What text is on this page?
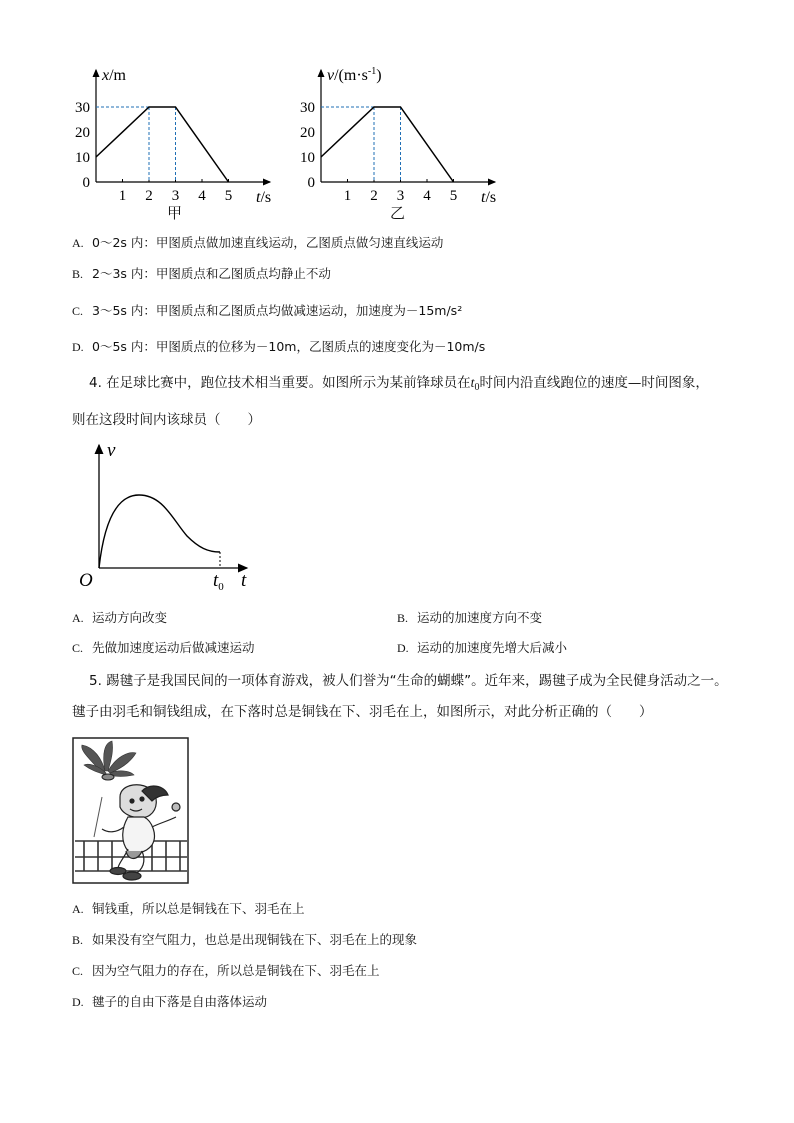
x/m
t/s
0
10
20
30
1 2 3 4 5
甲
$v/(m\cdot s^{-1})$
t/s
0
10
20
30
1 2 3 4 5
乙
A. 0～2s 内：甲图质点做加速直线运动，乙图质点做匀速直线运动
B. 2～3s 内：甲图质点和乙图质点均静止不动
C. 3～5s 内：甲图质点和乙图质点均做减速运动，加速度为－15m/s²
D. 0～5s 内：甲图质点的位移为－10m，乙图质点的速度变化为－10m/s
4. 在足球比赛中，跑位技术相当重要。如图所示为某前锋球员在$t_0$时间内沿直线跑位的速度—时间图象，
则在这段时间内该球员（　　）
v
t
O	$t_0$
A. 运动方向改变	B. 运动的加速度方向不变
C. 先做加速度运动后做减速运动	D. 运动的加速度先增大后减小
5. 踢毽子是我国民间的一项体育游戏，被人们誉为“生命的蝴蝶”。近年来，踢毽子成为全民健身活动之一。
毽子由羽毛和铜钱组成，在下落时总是铜钱在下、羽毛在上，如图所示，对此分析正确的（　　）
A. 铜钱重，所以总是铜钱在下、羽毛在上
B. 如果没有空气阻力，也总是出现铜钱在下、羽毛在上的现象
C. 因为空气阻力的存在，所以总是铜钱在下、羽毛在上
D. 毽子的自由下落是自由落体运动
